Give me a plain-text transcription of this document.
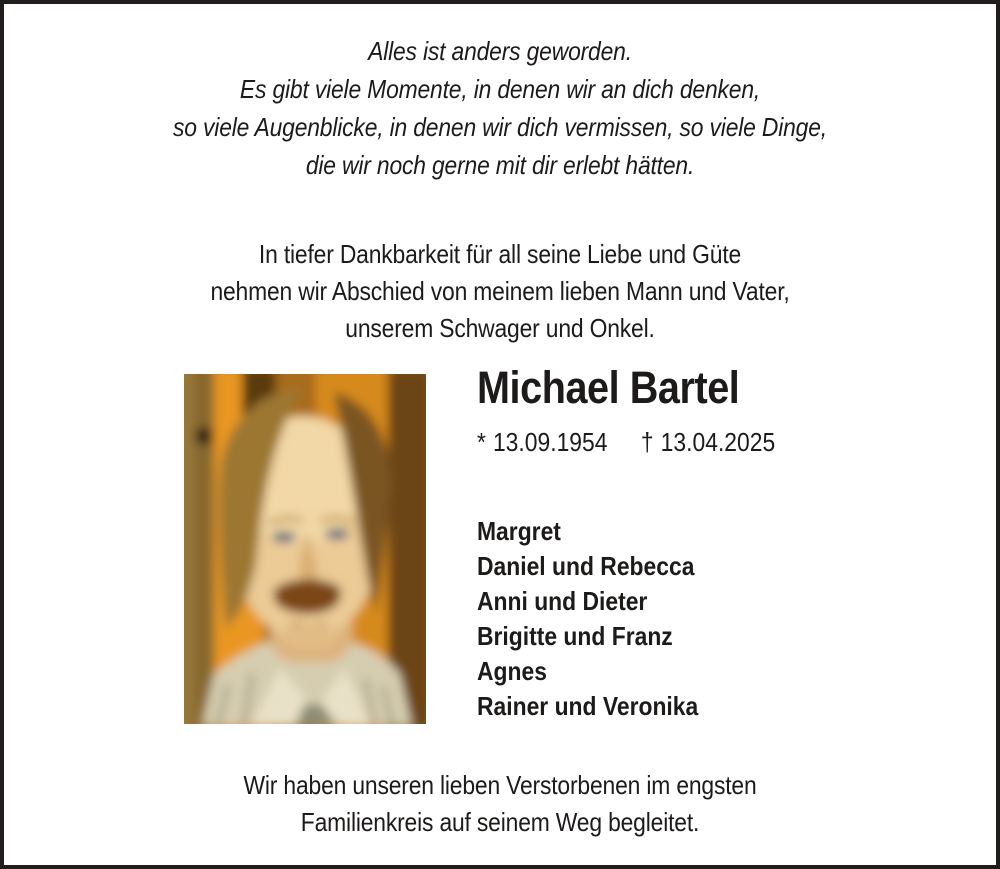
Alles ist anders geworden.
Es gibt viele Momente, in denen wir an dich denken,
so viele Augenblicke, in denen wir dich vermissen, so viele Dinge,
die wir noch gerne mit dir erlebt hätten.
In tiefer Dankbarkeit für all seine Liebe und Güte
nehmen wir Abschied von meinem lieben Mann und Vater,
unserem Schwager und Onkel.
Michael Bartel
* 13.09.1954 † 13.04.2025
Margret
Daniel und Rebecca
Anni und Dieter
Brigitte und Franz
Agnes
Rainer und Veronika
Wir haben unseren lieben Verstorbenen im engsten
Familienkreis auf seinem Weg begleitet.
